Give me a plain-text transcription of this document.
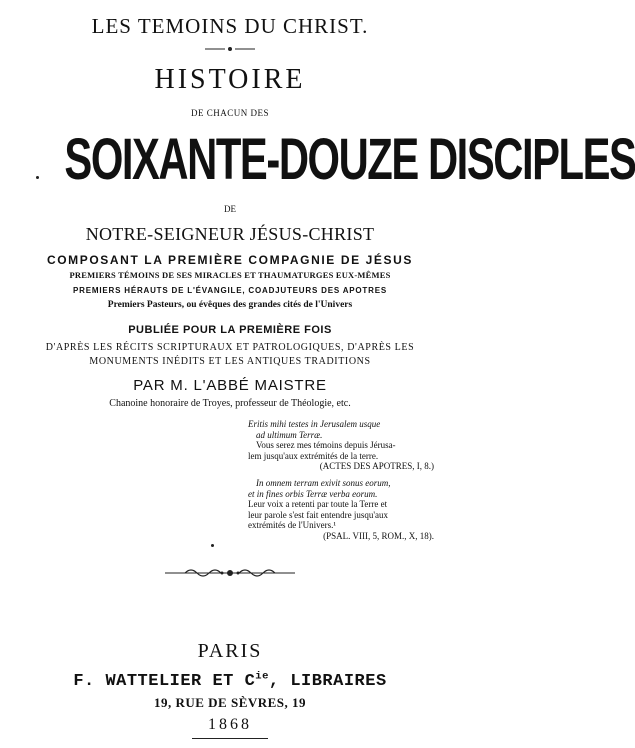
LES TEMOINS DU CHRIST.
HISTOIRE
DE CHACUN DES
SOIXANTE-DOUZE DISCIPLES
DE
NOTRE-SEIGNEUR JÉSUS-CHRIST
COMPOSANT LA PREMIÈRE COMPAGNIE DE JÉSUS
PREMIERS TÉMOINS DE SES MIRACLES ET THAUMATURGES EUX-MÊMES
PREMIERS HÉRAUTS DE L'ÉVANGILE, COADJUTEURS DES APOTRES
Premiers Pasteurs, ou évêques des grandes cités de l'Univers
PUBLIÉE POUR LA PREMIÈRE FOIS
D'APRÈS LES RÉCITS SCRIPTURAUX ET PATROLOGIQUES, D'APRÈS LES
MONUMENTS INÉDITS ET LES ANTIQUES TRADITIONS
PAR M. L'ABBÉ MAISTRE
Chanoine honoraire de Troyes, professeur de Théologie, etc.
Eritis mihi testes in Jerusalem usque
ad ultimum Terræ.
Vous serez mes témoins depuis Jérusa-
lem jusqu'aux extrémités de la terre.
(ACTES DES APOTRES, I, 8.)
In omnem terram exivit sonus eorum,
et in fines orbis Terræ verba eorum.
Leur voix a retenti par toute la Terre et
leur parole s'est fait entendre jusqu'aux
extrémités de l'Univers.¹
(PSAL. VIII, 5, ROM., X, 18).
PARIS
F. WATTELIER ET $C^{ie}$, LIBRAIRES
19, RUE DE SÈVRES, 19
1868
